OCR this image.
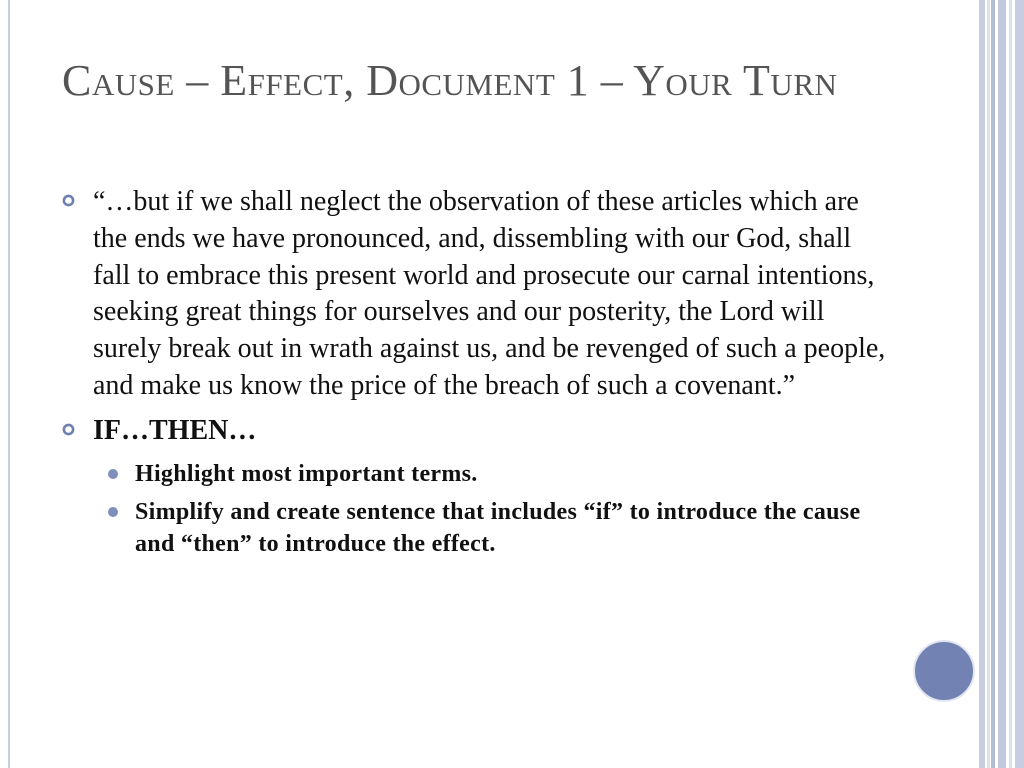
Cause – Effect, Document 1 – Your Turn
“…but if we shall neglect the observation of these articles which are the ends we have pronounced, and, dissembling with our God, shall fall to embrace this present world and prosecute our carnal intentions, seeking great things for ourselves and our posterity, the Lord will surely break out in wrath against us, and be revenged of such a people, and make us know the price of the breach of such a covenant.”
IF…THEN…
Highlight most important terms.
Simplify and create sentence that includes “if” to introduce the cause and “then” to introduce the effect.
